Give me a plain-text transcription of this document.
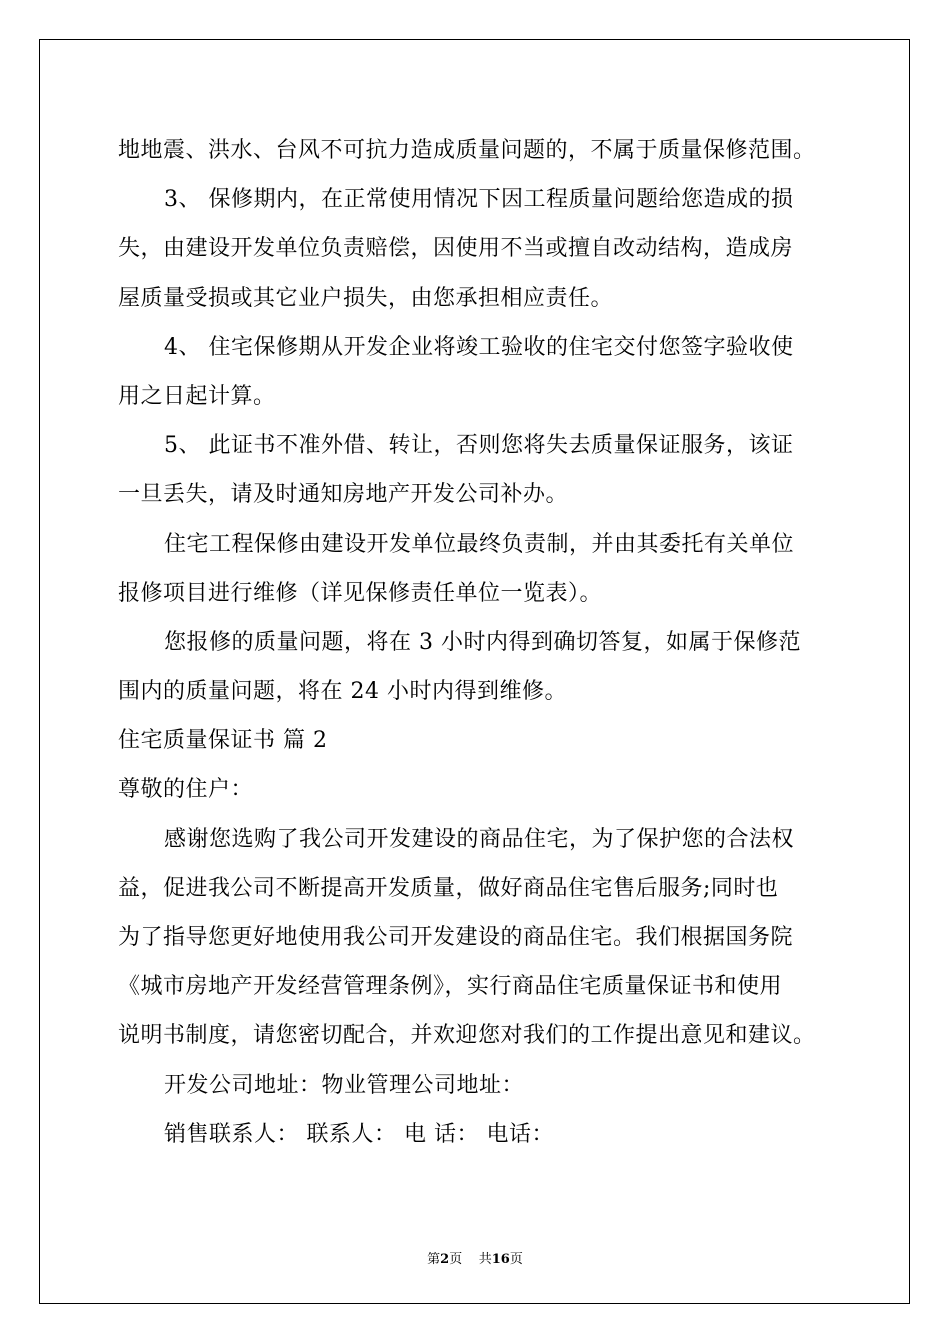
地地震、洪水、台风不可抗力造成质量问题的，不属于质量保修范围。
3、 保修期内，在正常使用情况下因工程质量问题给您造成的损
失，由建设开发单位负责赔偿，因使用不当或擅自改动结构，造成房
屋质量受损或其它业户损失，由您承担相应责任。
4、 住宅保修期从开发企业将竣工验收的住宅交付您签字验收使
用之日起计算。
5、 此证书不准外借、转让，否则您将失去质量保证服务，该证
一旦丢失，请及时通知房地产开发公司补办。
住宅工程保修由建设开发单位最终负责制，并由其委托有关单位
报修项目进行维修（详见保修责任单位一览表）。
您报修的质量问题，将在 3 小时内得到确切答复，如属于保修范
围内的质量问题，将在 24 小时内得到维修。
住宅质量保证书 篇 2
尊敬的住户：
感谢您选购了我公司开发建设的商品住宅，为了保护您的合法权
益，促进我公司不断提高开发质量，做好商品住宅售后服务;同时也
为了指导您更好地使用我公司开发建设的商品住宅。我们根据国务院
《城市房地产开发经营管理条例》，实行商品住宅质量保证书和使用
说明书制度，请您密切配合，并欢迎您对我们的工作提出意见和建议。
开发公司地址：物业管理公司地址：
销售联系人： 联系人： 电 话： 电话：
第2页 共16页
